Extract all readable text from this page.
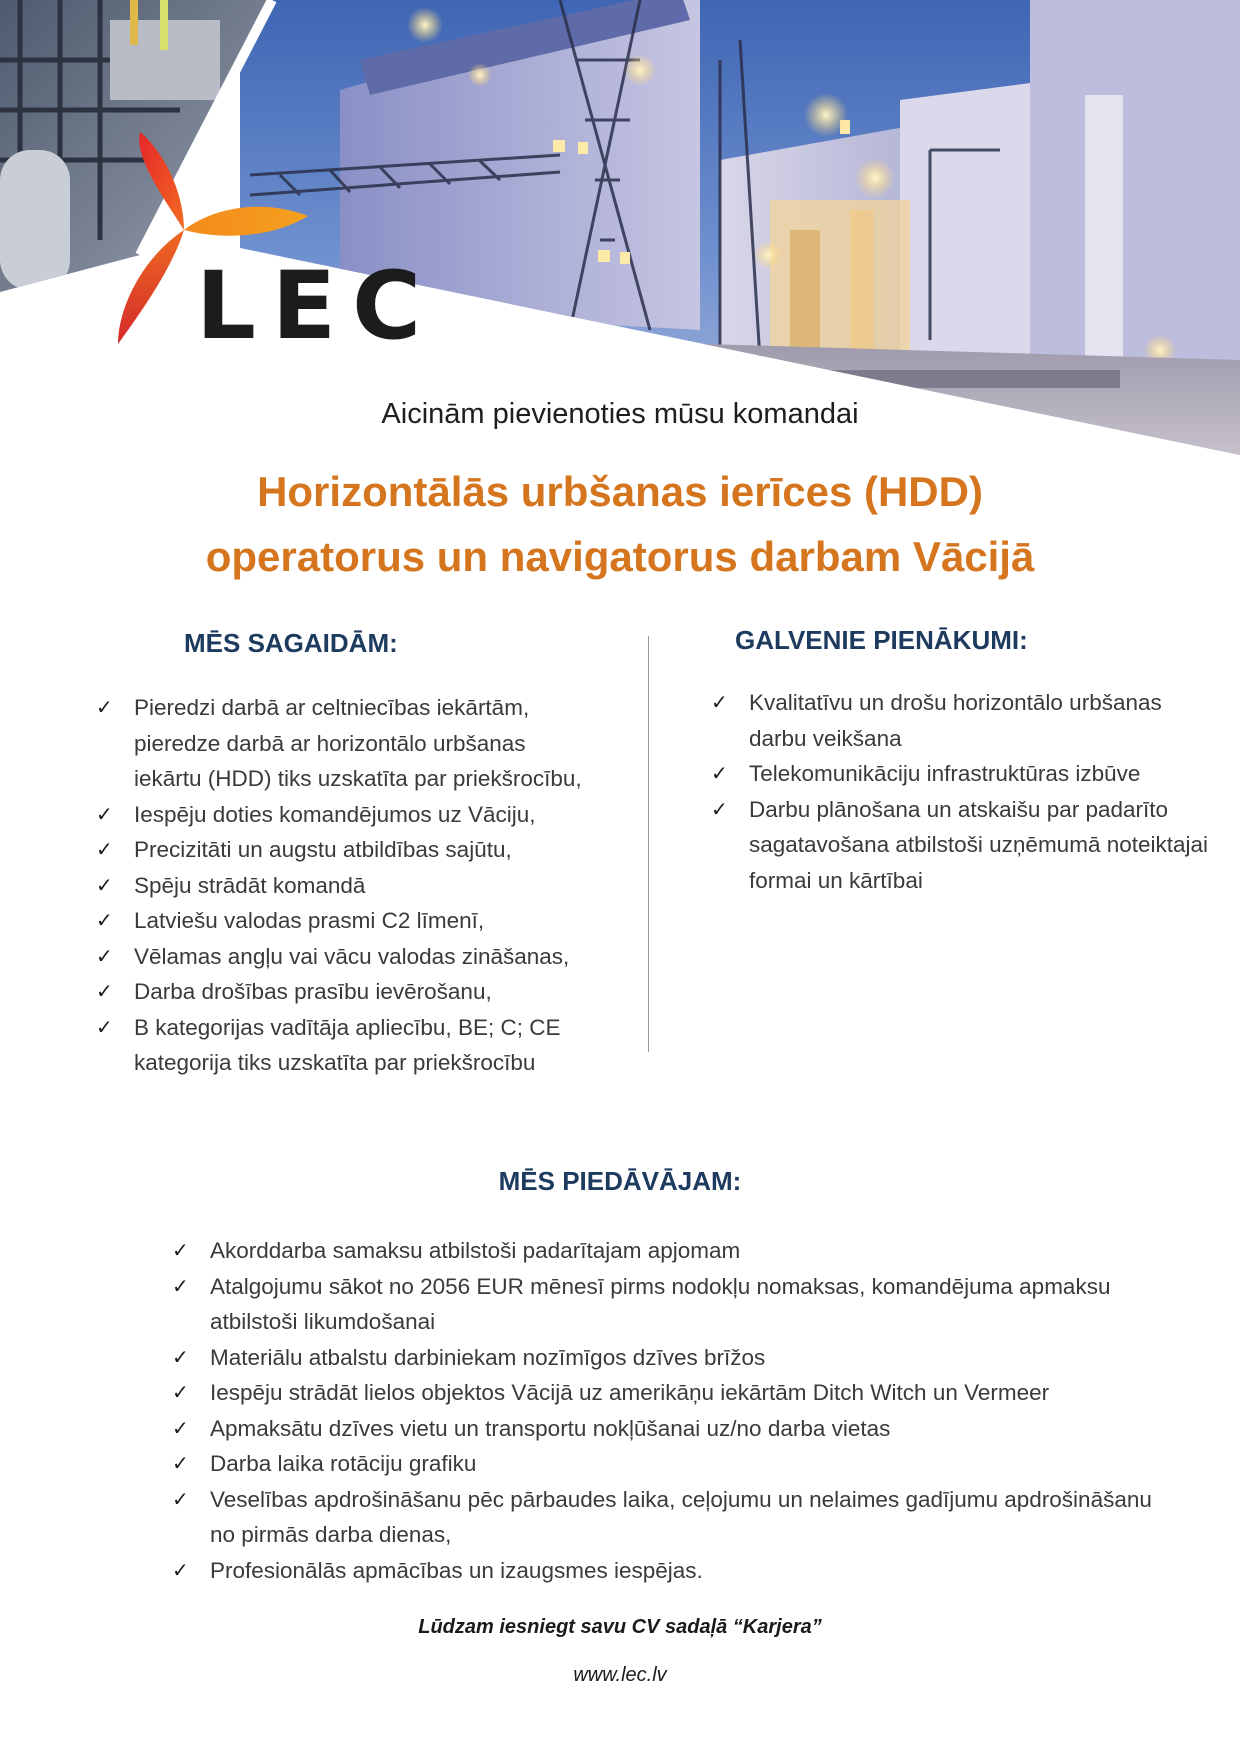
LEC

Aicinām pievienoties mūsu komandai

Horizontālās urbšanas ierīces (HDD)
operatorus un navigatorus darbam Vācijā
MĒS SAGAIDĀM:
✓ Pieredzi darbā ar celtniecības iekārtām, pieredze darbā ar horizontālo urbšanas iekārtu (HDD) tiks uzskatīta par priekšrocību,
✓ Iespēju doties komandējumos uz Vāciju,
✓ Precizitāti un augstu atbildības sajūtu,
✓ Spēju strādāt komandā
✓ Latviešu valodas prasmi C2 līmenī,
✓ Vēlamas angļu vai vācu valodas zināšanas,
✓ Darba drošības prasību ievērošanu,
✓ B kategorijas vadītāja apliecību, BE; C; CE kategorija tiks uzskatīta par priekšrocību
GALVENIE PIENĀKUMI:
✓ Kvalitatīvu un drošu horizontālo urbšanas darbu veikšana
✓ Telekomunikāciju infrastruktūras izbūve
✓ Darbu plānošana un atskaišu par padarīto sagatavošana atbilstoši uzņēmumā noteiktajai formai un kārtībai
MĒS PIEDĀVĀJAM:
✓ Akorddarba samaksu atbilstoši padarītajam apjomam
✓ Atalgojumu sākot no 2056 EUR mēnesī pirms nodokļu nomaksas, komandējuma apmaksu atbilstoši likumdošanai
✓ Materiālu atbalstu darbiniekam nozīmīgos dzīves brīžos
✓ Iespēju strādāt lielos objektos Vācijā uz amerikāņu iekārtām Ditch Witch un Vermeer
✓ Apmaksātu dzīves vietu un transportu nokļūšanai uz/no darba vietas
✓ Darba laika rotāciju grafiku
✓ Veselības apdrošināšanu pēc pārbaudes laika, ceļojumu un nelaimes gadījumu apdrošināšanu no pirmās darba dienas,
✓ Profesionālās apmācības un izaugsmes iespējas.

Lūdzam iesniegt savu CV sadaļā “Karjera”

www.lec.lv
